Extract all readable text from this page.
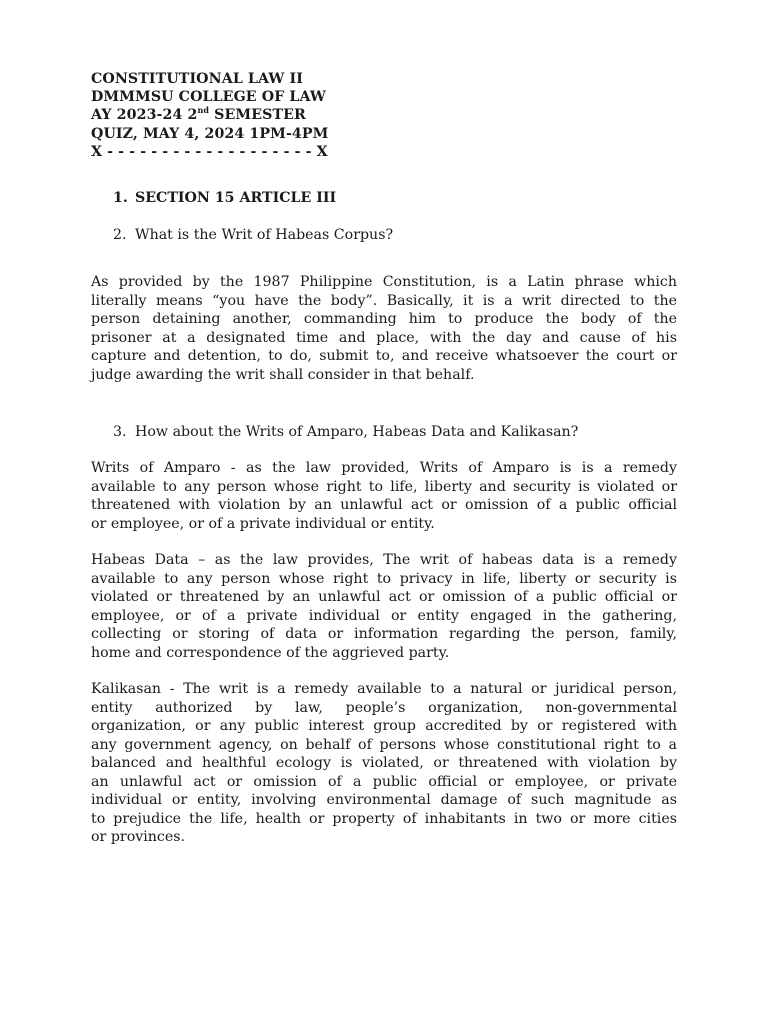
CONSTITUTIONAL LAW II
DMMMSU COLLEGE OF LAW
AY 2023-24 2nd SEMESTER
QUIZ, MAY 4, 2024 1PM-4PM
X - - - - - - - - - - - - - - - - - - - X
1. SECTION 15 ARTICLE III
2. What is the Writ of Habeas Corpus?
As provided by the 1987 Philippine Constitution, is a Latin phrase which
literally means “you have the body”. Basically, it is a writ directed to the
person detaining another, commanding him to produce the body of the
prisoner at a designated time and place, with the day and cause of his
capture and detention, to do, submit to, and receive whatsoever the court or
judge awarding the writ shall consider in that behalf.
3. How about the Writs of Amparo, Habeas Data and Kalikasan?
Writs of Amparo - as the law provided, Writs of Amparo is is a remedy
available to any person whose right to life, liberty and security is violated or
threatened with violation by an unlawful act or omission of a public official
or employee, or of a private individual or entity.
Habeas Data – as the law provides, The writ of habeas data is a remedy
available to any person whose right to privacy in life, liberty or security is
violated or threatened by an unlawful act or omission of a public official or
employee, or of a private individual or entity engaged in the gathering,
collecting or storing of data or information regarding the person, family,
home and correspondence of the aggrieved party.
Kalikasan - The writ is a remedy available to a natural or juridical person,
entity authorized by law, people’s organization, non-governmental
organization, or any public interest group accredited by or registered with
any government agency, on behalf of persons whose constitutional right to a
balanced and healthful ecology is violated, or threatened with violation by
an unlawful act or omission of a public official or employee, or private
individual or entity, involving environmental damage of such magnitude as
to prejudice the life, health or property of inhabitants in two or more cities
or provinces.
